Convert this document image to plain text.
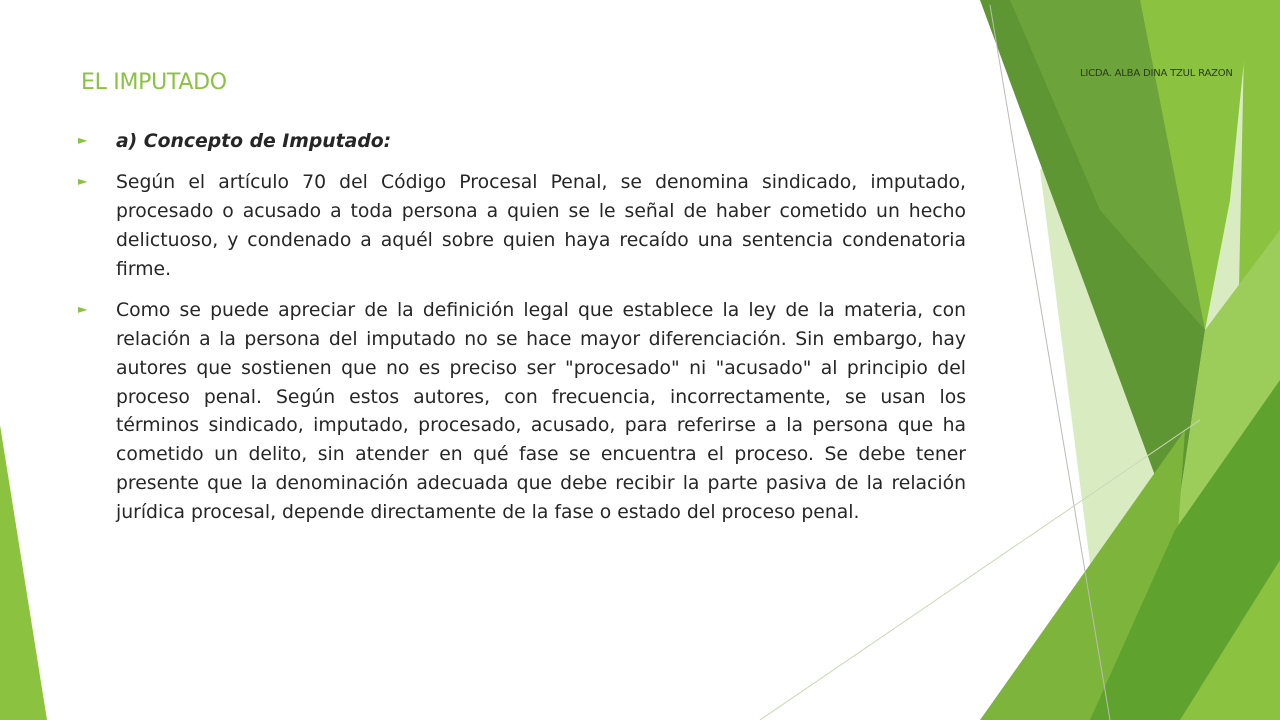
EL IMPUTADO	LICDA. ALBA DINA TZUL RAZON
► a) Concepto de Imputado:
► Según el artículo 70 del Código Procesal Penal, se denomina sindicado, imputado, procesado o acusado a toda persona a quien se le señal de haber cometido un hecho delictuoso, y condenado a aquél sobre quien haya recaído una sentencia condenatoria firme.
► Como se puede apreciar de la definición legal que establece la ley de la materia, con relación a la persona del imputado no se hace mayor diferenciación. Sin embargo, hay autores que sostienen que no es preciso ser "procesado" ni "acusado" al principio del proceso penal. Según estos autores, con frecuencia, incorrectamente, se usan los términos sindicado, imputado, procesado, acusado, para referirse a la persona que ha cometido un delito, sin atender en qué fase se encuentra el proceso. Se debe tener presente que la denominación adecuada que debe recibir la parte pasiva de la relación jurídica procesal, depende directamente de la fase o estado del proceso penal.
